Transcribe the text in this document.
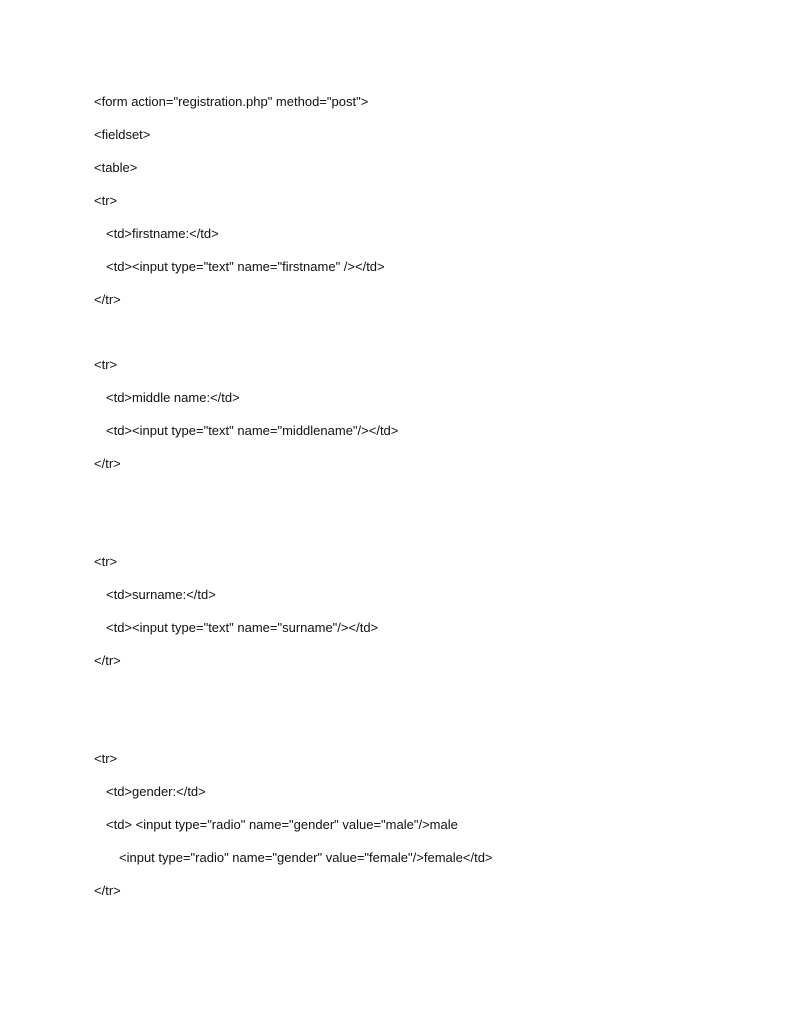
<form action="registration.php" method="post">
<fieldset>
<table>
<tr>
<td>firstname:</td>
<td><input type="text" name="firstname" /></td>
</tr>
<tr>
<td>middle name:</td>
<td><input type="text" name="middlename"/></td>
</tr>
<tr>
<td>surname:</td>
<td><input type="text" name="surname"/></td>
</tr>
<tr>
<td>gender:</td>
<td> <input type="radio" name="gender" value="male"/>male
<input type="radio" name="gender" value="female"/>female</td>
</tr>
